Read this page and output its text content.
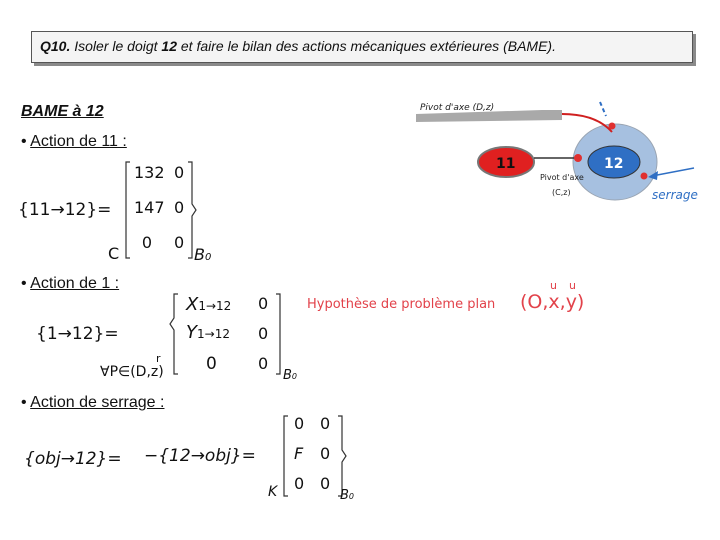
Q10. Isoler le doigt 12 et faire le bilan des actions mécaniques extérieures (BAME).
BAME à 12
• Action de 11 :
{11→12}=
132 0
147 0
0 0
C	B0
• Action de 1 :
{1→12}=
X1→12 0
Y1→12 0
0	0
r
∀P∈(D,z)	B0
Hypothèse de problème plan (O,x,y)
u u
• Action de serrage :
{obj→12}= −{12→obj}=
0 0
F 0
0 0
K	B0
Pivot d'axe (D,z)
11	12
Pivot d'axe
(C,z)	serrage
